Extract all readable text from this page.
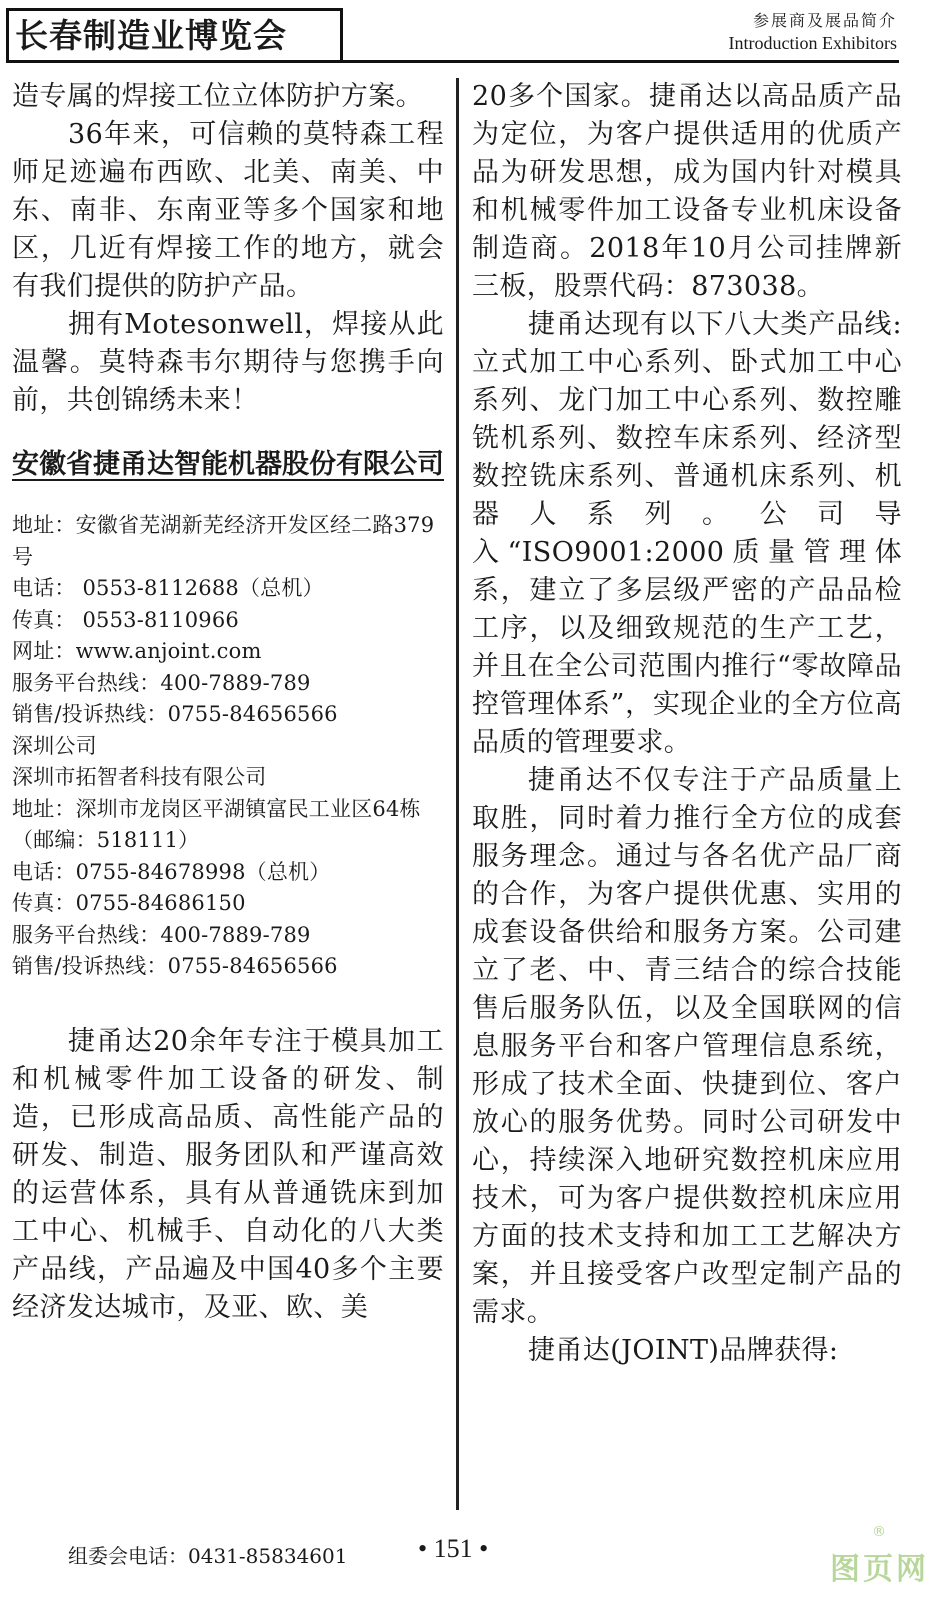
长春制造业博览会	参展商及展品简介
Introduction Exhibitors

造专属的焊接工位立体防护方案。

36年来，可信赖的莫特森工程师足迹遍布西欧、北美、南美、中东、南非、东南亚等多个国家和地区，几近有焊接工作的地方，就会有我们提供的防护产品。

拥有Motesonwell，焊接从此温馨。莫特森韦尔期待与您携手向前，共创锦绣未来！

安徽省捷甬达智能机器股份有限公司

地址：安徽省芜湖新芜经济开发区经二路379号

电话： 0553-8112688（总机）

传真： 0553-8110966

网址：www.anjoint.com

服务平台热线：400-7889-789

销售/投诉热线：0755-84656566

深圳公司

深圳市拓智者科技有限公司

地址：深圳市龙岗区平湖镇富民工业区64栋（邮编：518111）

电话：0755-84678998（总机）

传真：0755-84686150

服务平台热线：400-7889-789

销售/投诉热线：0755-84656566

捷甬达20余年专注于模具加工和机械零件加工设备的研发、制造，已形成高品质、高性能产品的研发、制造、服务团队和严谨高效的运营体系，具有从普通铣床到加工中心、机械手、自动化的八大类产品线，产品遍及中国40多个主要经济发达城市，及亚、欧、美

20多个国家。捷甬达以高品质产品为定位，为客户提供适用的优质产品为研发思想，成为国内针对模具和机械零件加工设备专业机床设备制造商。2018年10月公司挂牌新三板，股票代码：873038。

捷甬达现有以下八大类产品线:立式加工中心系列、卧式加工中心系列、龙门加工中心系列、数控雕铣机系列、数控车床系列、经济型数控铣床系列、普通机床系列、机器人系列。公司导入“ISO9001:2000质量管理体系，建立了多层级严密的产品品检工序，以及细致规范的生产工艺，并且在全公司范围内推行“零故障品控管理体系”，实现企业的全方位高品质的管理要求。

捷甬达不仅专注于产品质量上取胜，同时着力推行全方位的成套服务理念。通过与各名优产品厂商的合作，为客户提供优惠、实用的成套设备供给和服务方案。公司建立了老、中、青三结合的综合技能售后服务队伍，以及全国联网的信息服务平台和客户管理信息系统，形成了技术全面、快捷到位、客户放心的服务优势。同时公司研发中心，持续深入地研究数控机床应用技术，可为客户提供数控机床应用方面的技术支持和加工工艺解决方案，并且接受客户改型定制产品的需求。

捷甬达(JOINT)品牌获得:

组委会电话：0431-85834601	• 151 •
®
图页网
